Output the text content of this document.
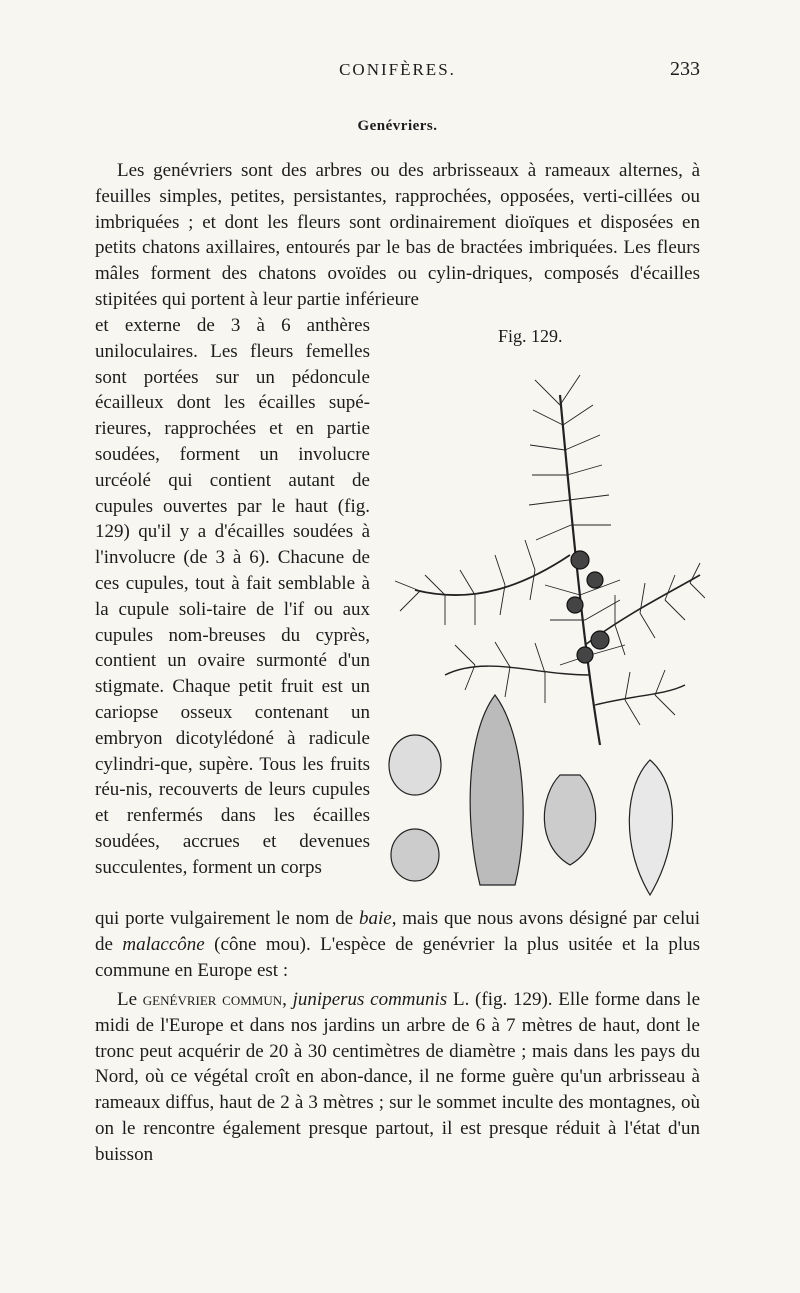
CONIFÈRES.	233
Genévriers.

Les genévriers sont des arbres ou des arbrisseaux à rameaux alternes, à feuilles simples, petites, persistantes, rapprochées, opposées, verti-cillées ou imbriquées ; et dont les fleurs sont ordinairement dioïques et disposées en petits chatons axillaires, entourés par le bas de bractées imbriquées. Les fleurs mâles forment des chatons ovoïdes ou cylin-driques, composés d'écailles stipitées qui portent à leur partie inférieure

et externe de 3 à 6 anthères uniloculaires. Les fleurs femelles sont portées sur un pédoncule écailleux dont les écailles supé-rieures, rapprochées et en partie soudées, forment un involucre urcéolé qui contient autant de cupules ouvertes par le haut (fig. 129) qu'il y a d'écailles soudées à l'involucre (de 3 à 6). Chacune de ces cupules, tout à fait semblable à la cupule soli-taire de l'if ou aux cupules nom-breuses du cyprès, contient un ovaire surmonté d'un stigmate. Chaque petit fruit est un cariopse osseux contenant un embryon dicotylédoné à radicule cylindri-que, supère. Tous les fruits réu-nis, recouverts de leurs cupules et renfermés dans les écailles soudées, accrues et devenues succulentes, forment un corps

Fig. 129.

qui porte vulgairement le nom de baie, mais que nous avons désigné par celui de malaccône (cône mou). L'espèce de genévrier la plus usitée et la plus commune en Europe est :

Le genévrier commun, juniperus communis L. (fig. 129). Elle forme dans le midi de l'Europe et dans nos jardins un arbre de 6 à 7 mètres de haut, dont le tronc peut acquérir de 20 à 30 centimètres de diamètre ; mais dans les pays du Nord, où ce végétal croît en abon-dance, il ne forme guère qu'un arbrisseau à rameaux diffus, haut de 2 à 3 mètres ; sur le sommet inculte des montagnes, où on le rencontre également presque partout, il est presque réduit à l'état d'un buisson
